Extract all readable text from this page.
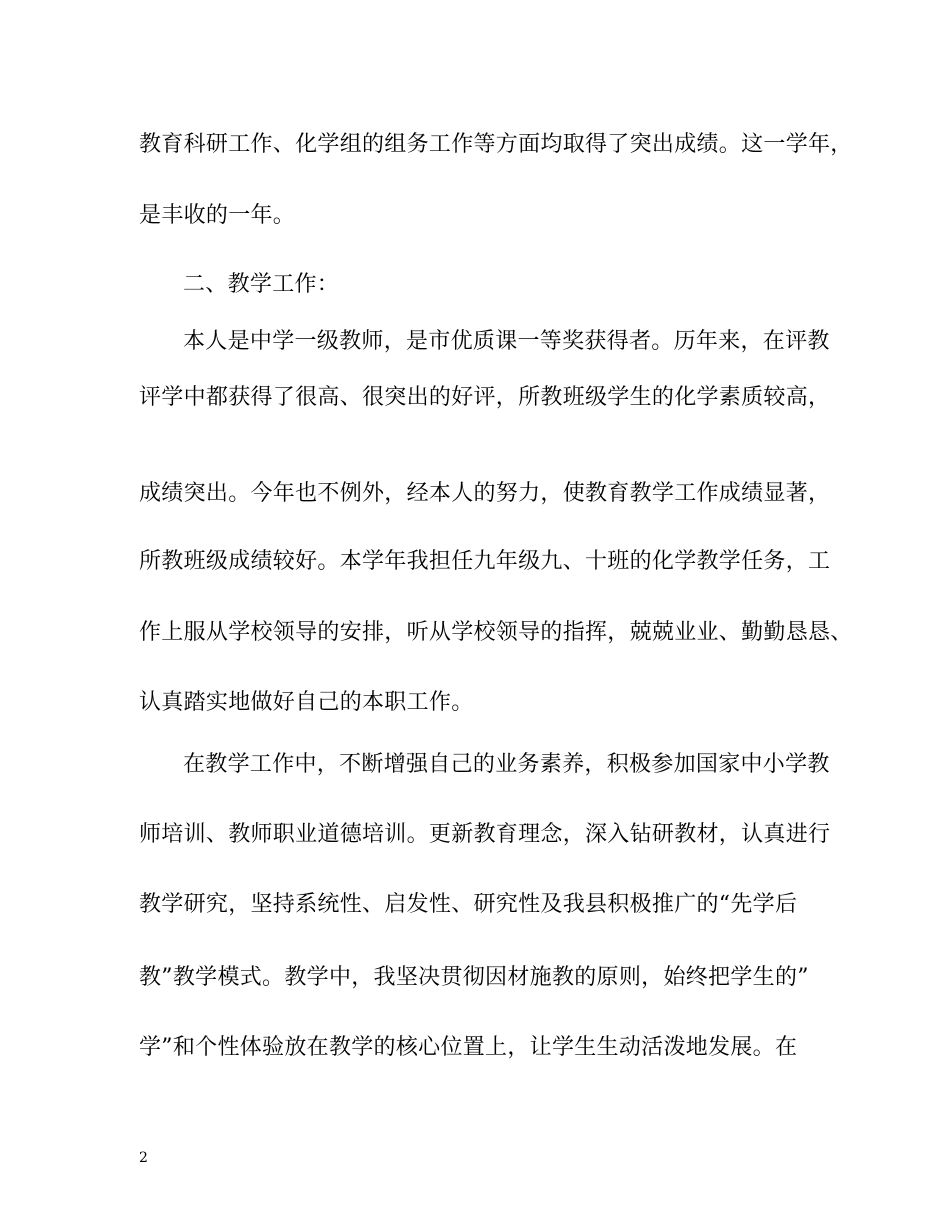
教育科研工作、化学组的组务工作等方面均取得了突出成绩。这一学年，
是丰收的一年。
二、教学工作：
本人是中学一级教师，是市优质课一等奖获得者。历年来，在评教
评学中都获得了很高、很突出的好评，所教班级学生的化学素质较高，
成绩突出。今年也不例外，经本人的努力，使教育教学工作成绩显著，
所教班级成绩较好。本学年我担任九年级九、十班的化学教学任务，工
作上服从学校领导的安排，听从学校领导的指挥，兢兢业业、勤勤恳恳、
认真踏实地做好自己的本职工作。
在教学工作中，不断增强自己的业务素养，积极参加国家中小学教
师培训、教师职业道德培训。更新教育理念，深入钻研教材，认真进行
教学研究，坚持系统性、启发性、研究性及我县积极推广的“先学后
教”教学模式。教学中，我坚决贯彻因材施教的原则，始终把学生的”
学”和个性体验放在教学的核心位置上，让学生生动活泼地发展。在
2
